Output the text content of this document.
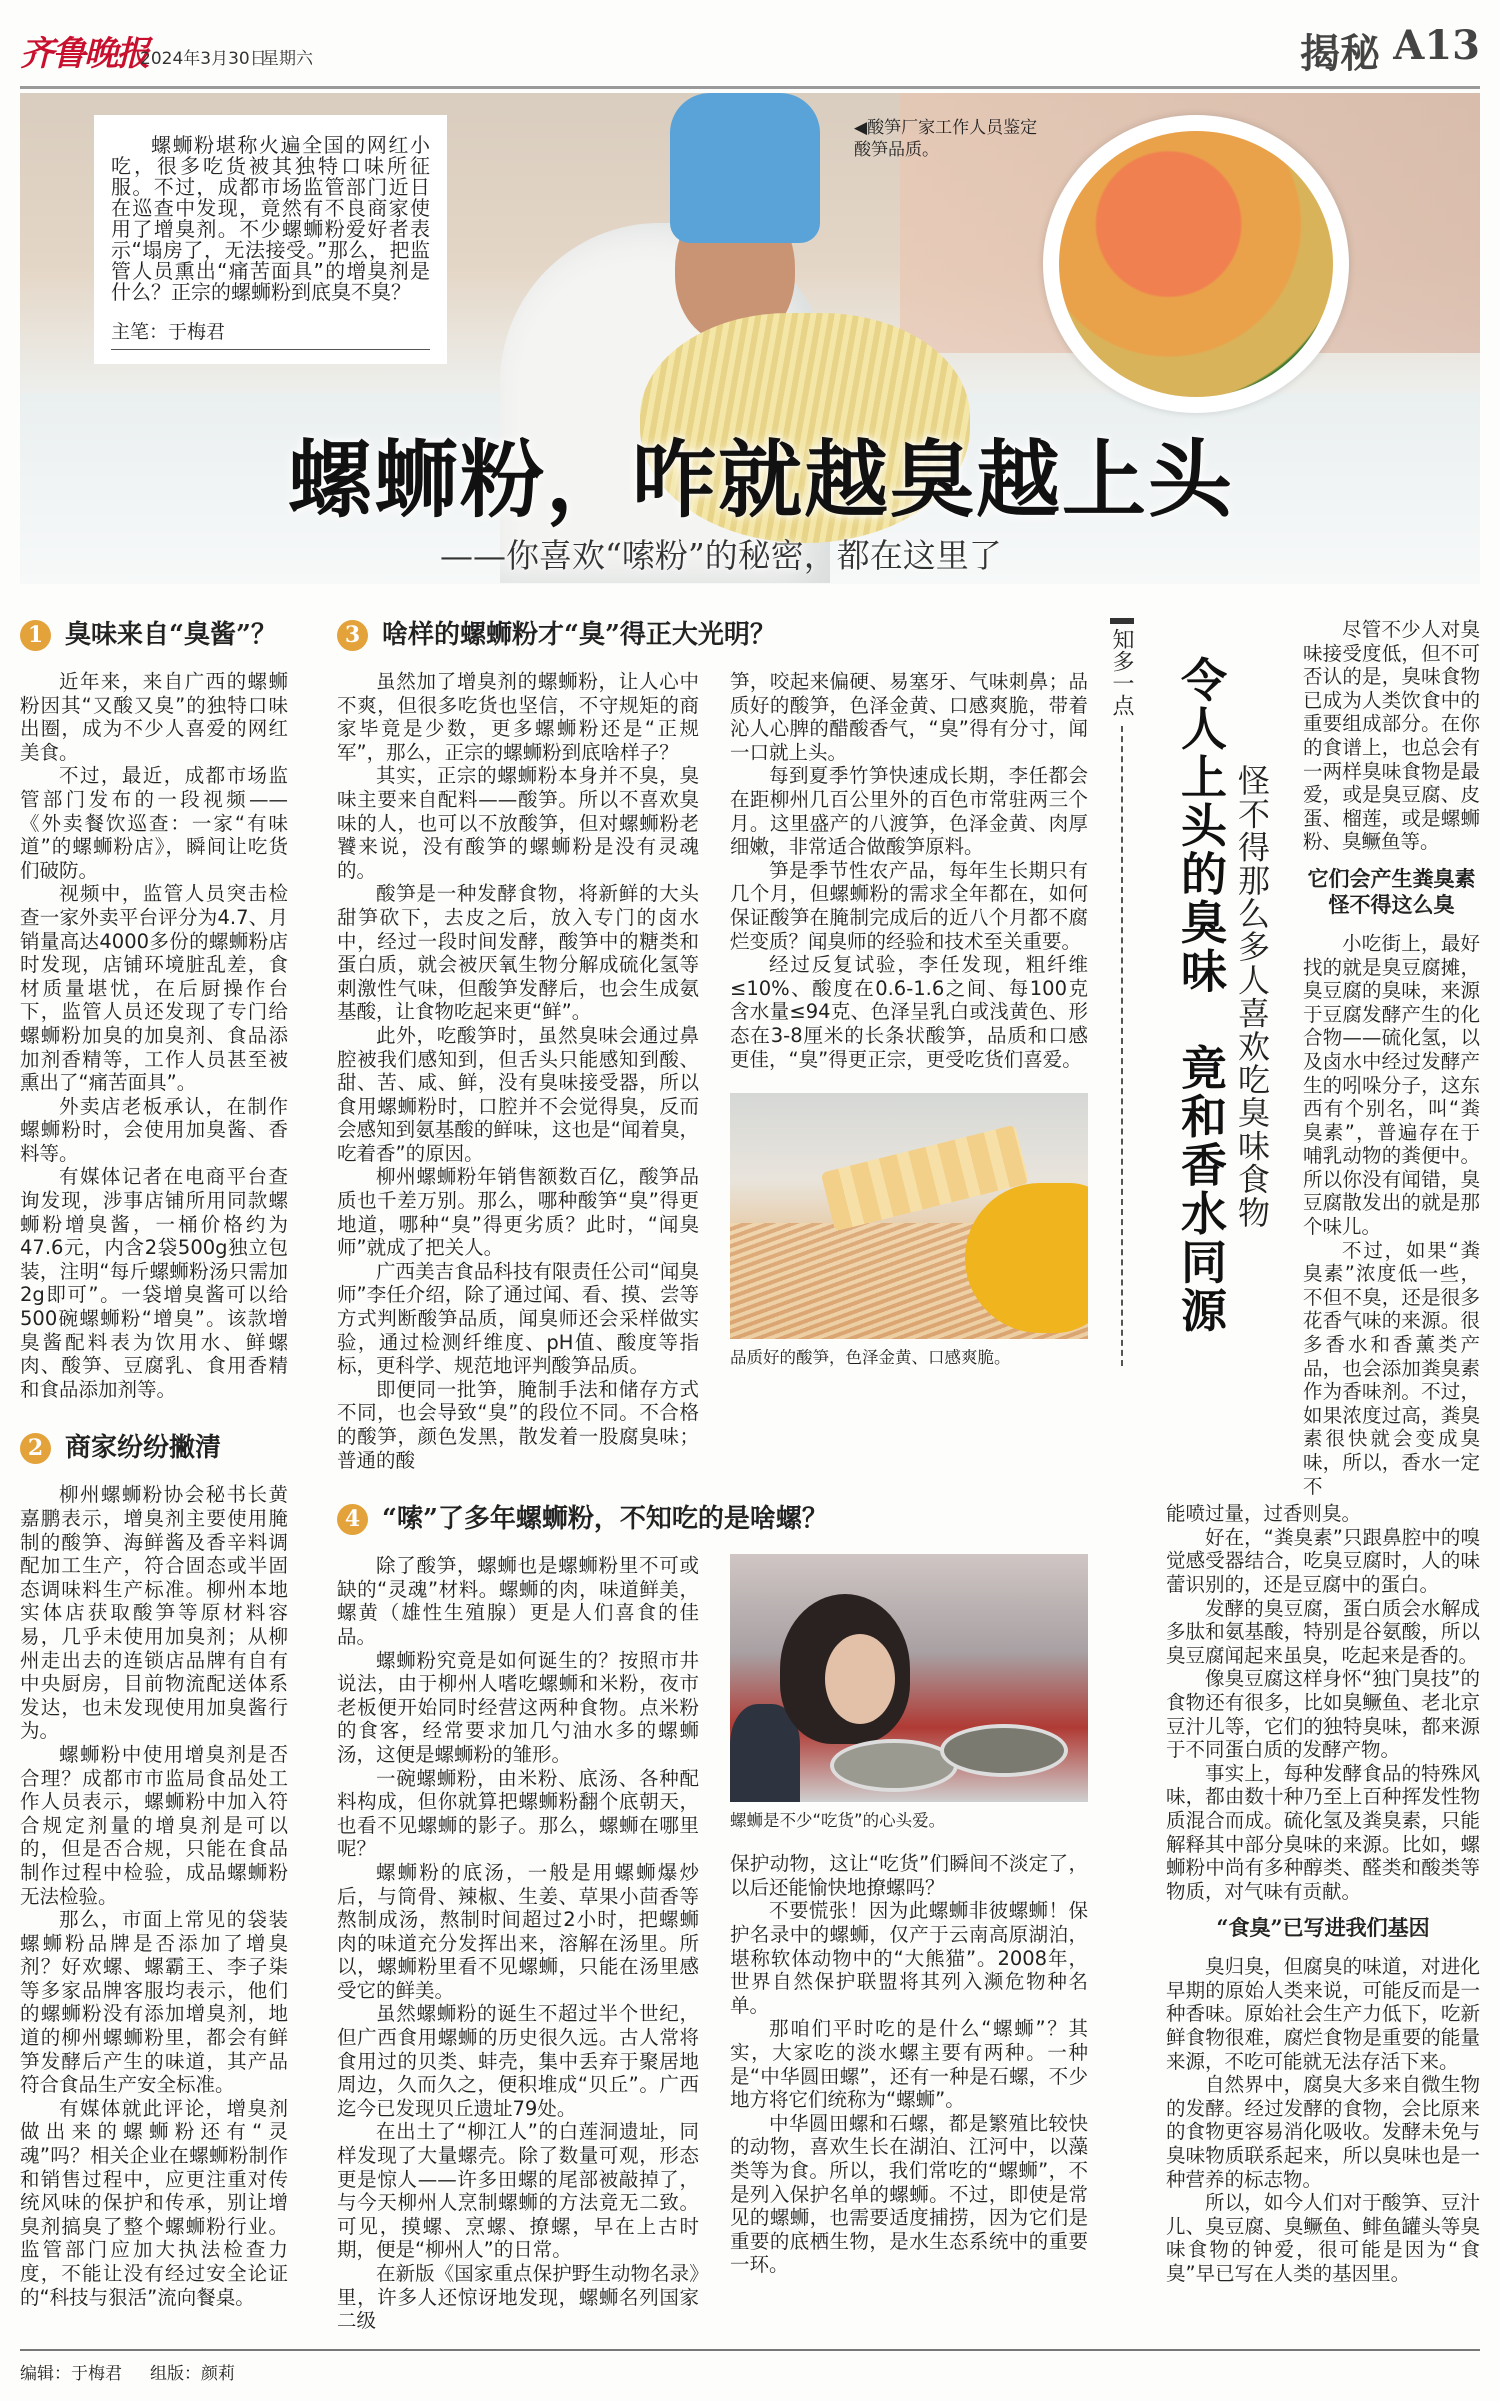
齐鲁晚报
2024年3月30日
星期六	揭秘 A13

螺蛳粉堪称火遍全国的网红小吃，很多吃货被其独特口味所征服。不过，成都市场监管部门近日在巡查中发现，竟然有不良商家使用了增臭剂。不少螺蛳粉爱好者表示“塌房了，无法接受。”那么，把监管人员熏出“痛苦面具”的增臭剂是什么？正宗的螺蛳粉到底臭不臭？

主笔：于梅君
◀酸笋厂家工作人员鉴定酸笋品质。
螺蛳粉，咋就越臭越上头
——你喜欢“嗦粉”的秘密，都在这里了
1 臭味来自“臭酱”？

近年来，来自广西的螺蛳粉因其“又酸又臭”的独特口味出圈，成为不少人喜爱的网红美食。

不过，最近，成都市场监管部门发布的一段视频——《外卖餐饮巡查：一家“有味道”的螺蛳粉店》，瞬间让吃货们破防。

视频中，监管人员突击检查一家外卖平台评分为4.7、月销量高达4000多份的螺蛳粉店时发现，店铺环境脏乱差，食材质量堪忧，在后厨操作台下，监管人员还发现了专门给螺蛳粉加臭的加臭剂、食品添加剂香精等，工作人员甚至被熏出了“痛苦面具”。

外卖店老板承认，在制作螺蛳粉时，会使用加臭酱、香料等。

有媒体记者在电商平台查询发现，涉事店铺所用同款螺蛳粉增臭酱，一桶价格约为47.6元，内含2袋500g独立包装，注明“每斤螺蛳粉汤只需加2g即可”。一袋增臭酱可以给500碗螺蛳粉“增臭”。该款增臭酱配料表为饮用水、鲜螺肉、酸笋、豆腐乳、食用香精和食品添加剂等。

2 商家纷纷撇清

柳州螺蛳粉协会秘书长黄嘉鹏表示，增臭剂主要使用腌制的酸笋、海鲜酱及香辛料调配加工生产，符合固态或半固态调味料生产标准。柳州本地实体店获取酸笋等原材料容易，几乎未使用加臭剂；从柳州走出去的连锁店品牌有自有中央厨房，目前物流配送体系发达，也未发现使用加臭酱行为。

螺蛳粉中使用增臭剂是否合理？成都市市监局食品处工作人员表示，螺蛳粉中加入符合规定剂量的增臭剂是可以的，但是否合规，只能在食品制作过程中检验，成品螺蛳粉无法检验。

那么，市面上常见的袋装螺蛳粉品牌是否添加了增臭剂？好欢螺、螺霸王、李子柒等多家品牌客服均表示，他们的螺蛳粉没有添加增臭剂，地道的柳州螺蛳粉里，都会有鲜笋发酵后产生的味道，其产品符合食品生产安全标准。

有媒体就此评论，增臭剂做出来的螺蛳粉还有“灵魂”吗？相关企业在螺蛳粉制作和销售过程中，应更注重对传统风味的保护和传承，别让增臭剂搞臭了整个螺蛳粉行业。监管部门应加大执法检查力度，不能让没有经过安全论证的“科技与狠活”流向餐桌。

3 啥样的螺蛳粉才“臭”得正大光明？

虽然加了增臭剂的螺蛳粉，让人心中不爽，但很多吃货也坚信，不守规矩的商家毕竟是少数，更多螺蛳粉还是“正规军”，那么，正宗的螺蛳粉到底啥样子？

其实，正宗的螺蛳粉本身并不臭，臭味主要来自配料——酸笋。所以不喜欢臭味的人，也可以不放酸笋，但对螺蛳粉老饕来说，没有酸笋的螺蛳粉是没有灵魂的。

酸笋是一种发酵食物，将新鲜的大头甜笋砍下，去皮之后，放入专门的卤水中，经过一段时间发酵，酸笋中的糖类和蛋白质，就会被厌氧生物分解成硫化氢等刺激性气味，但酸笋发酵后，也会生成氨基酸，让食物吃起来更“鲜”。

此外，吃酸笋时，虽然臭味会通过鼻腔被我们感知到，但舌头只能感知到酸、甜、苦、咸、鲜，没有臭味接受器，所以食用螺蛳粉时，口腔并不会觉得臭，反而会感知到氨基酸的鲜味，这也是“闻着臭，吃着香”的原因。

柳州螺蛳粉年销售额数百亿，酸笋品质也千差万别。那么，哪种酸笋“臭”得更地道，哪种“臭”得更劣质？此时，“闻臭师”就成了把关人。

广西美吉食品科技有限责任公司“闻臭师”李任介绍，除了通过闻、看、摸、尝等方式判断酸笋品质，闻臭师还会采样做实验，通过检测纤维度、pH值、酸度等指标，更科学、规范地评判酸笋品质。

即便同一批笋，腌制手法和储存方式不同，也会导致“臭”的段位不同。不合格的酸笋，颜色发黑，散发着一股腐臭味；普通的酸

笋，咬起来偏硬、易塞牙、气味刺鼻；品质好的酸笋，色泽金黄、口感爽脆，带着沁人心脾的醋酸香气，“臭”得有分寸，闻一口就上头。

每到夏季竹笋快速成长期，李任都会在距柳州几百公里外的百色市常驻两三个月。这里盛产的八渡笋，色泽金黄、肉厚细嫩，非常适合做酸笋原料。

笋是季节性农产品，每年生长期只有几个月，但螺蛳粉的需求全年都在，如何保证酸笋在腌制完成后的近八个月都不腐烂变质？闻臭师的经验和技术至关重要。

经过反复试验，李任发现，粗纤维≤10%、酸度在0.6-1.6之间、每100克含水量≤94克、色泽呈乳白或浅黄色、形态在3-8厘米的长条状酸笋，品质和口感更佳，“臭”得更正宗，更受吃货们喜爱。

品质好的酸笋，色泽金黄、口感爽脆。
4 “嗦”了多年螺蛳粉，不知吃的是啥螺？

除了酸笋，螺蛳也是螺蛳粉里不可或缺的“灵魂”材料。螺蛳的肉，味道鲜美，螺黄（雄性生殖腺）更是人们喜食的佳品。

螺蛳粉究竟是如何诞生的？按照市井说法，由于柳州人嗜吃螺蛳和米粉，夜市老板便开始同时经营这两种食物。点米粉的食客，经常要求加几勺油水多的螺蛳汤，这便是螺蛳粉的雏形。

一碗螺蛳粉，由米粉、底汤、各种配料构成，但你就算把螺蛳粉翻个底朝天，也看不见螺蛳的影子。那么，螺蛳在哪里呢？

螺蛳粉的底汤，一般是用螺蛳爆炒后，与筒骨、辣椒、生姜、草果小茴香等熬制成汤，熬制时间超过2小时，把螺蛳肉的味道充分发挥出来，溶解在汤里。所以，螺蛳粉里看不见螺蛳，只能在汤里感受它的鲜美。

虽然螺蛳粉的诞生不超过半个世纪，但广西食用螺蛳的历史很久远。古人常将食用过的贝类、蚌壳，集中丢弃于聚居地周边，久而久之，便积堆成“贝丘”。广西迄今已发现贝丘遗址79处。

在出土了“柳江人”的白莲洞遗址，同样发现了大量螺壳。除了数量可观，形态更是惊人——许多田螺的尾部被敲掉了，与今天柳州人烹制螺蛳的方法竟无二致。可见，摸螺、烹螺、撩螺，早在上古时期，便是“柳州人”的日常。

在新版《国家重点保护野生动物名录》里，许多人还惊讶地发现，螺蛳名列国家二级

螺蛳是不少“吃货”的心头爱。

保护动物，这让“吃货”们瞬间不淡定了，以后还能愉快地撩螺吗？

不要慌张！因为此螺蛳非彼螺蛳！保护名录中的螺蛳，仅产于云南高原湖泊，堪称软体动物中的“大熊猫”。2008年，世界自然保护联盟将其列入濒危物种名单。

那咱们平时吃的是什么“螺蛳”？其实，大家吃的淡水螺主要有两种。一种是“中华圆田螺”，还有一种是石螺，不少地方将它们统称为“螺蛳”。

中华圆田螺和石螺，都是繁殖比较快的动物，喜欢生长在湖泊、江河中，以藻类等为食。所以，我们常吃的“螺蛳”，不是列入保护名单的螺蛳。不过，即使是常见的螺蛳，也需要适度捕捞，因为它们是重要的底栖生物，是水生态系统中的重要一环。

知多一点 令人上头的臭味　竟和香水同源 怪不得那么多人喜欢吃臭味食物

尽管不少人对臭味接受度低，但不可否认的是，臭味食物已成为人类饮食中的重要组成部分。在你的食谱上，也总会有一两样臭味食物是最爱，或是臭豆腐、皮蛋、榴莲，或是螺蛳粉、臭鳜鱼等。

它们会产生粪臭素
怪不得这么臭

小吃街上，最好找的就是臭豆腐摊，臭豆腐的臭味，来源于豆腐发酵产生的化合物——硫化氢，以及卤水中经过发酵产生的吲哚分子，这东西有个别名，叫“粪臭素”，普遍存在于哺乳动物的粪便中。所以你没有闻错，臭豆腐散发出的就是那个味儿。

不过，如果“粪臭素”浓度低一些，不但不臭，还是很多花香气味的来源。很多香水和香薰类产品，也会添加粪臭素作为香味剂。不过，如果浓度过高，粪臭素很快就会变成臭味，所以，香水一定不

能喷过量，过香则臭。

好在，“粪臭素”只跟鼻腔中的嗅觉感受器结合，吃臭豆腐时，人的味蕾识别的，还是豆腐中的蛋白。

发酵的臭豆腐，蛋白质会水解成多肽和氨基酸，特别是谷氨酸，所以臭豆腐闻起来虽臭，吃起来是香的。

像臭豆腐这样身怀“独门臭技”的食物还有很多，比如臭鳜鱼、老北京豆汁儿等，它们的独特臭味，都来源于不同蛋白质的发酵产物。

事实上，每种发酵食品的特殊风味，都由数十种乃至上百种挥发性物质混合而成。硫化氢及粪臭素，只能解释其中部分臭味的来源。比如，螺蛳粉中尚有多种醇类、醛类和酸类等物质，对气味有贡献。

“食臭”已写进我们基因

臭归臭，但腐臭的味道，对进化早期的原始人类来说，可能反而是一种香味。原始社会生产力低下，吃新鲜食物很难，腐烂食物是重要的能量来源，不吃可能就无法存活下来。

自然界中，腐臭大多来自微生物的发酵。经过发酵的食物，会比原来的食物更容易消化吸收。发酵未免与臭味物质联系起来，所以臭味也是一种营养的标志物。

所以，如今人们对于酸笋、豆汁儿、臭豆腐、臭鳜鱼、鲱鱼罐头等臭味食物的钟爱，很可能是因为“食臭”早已写在人类的基因里。

编辑：于梅君 组版：颜莉
